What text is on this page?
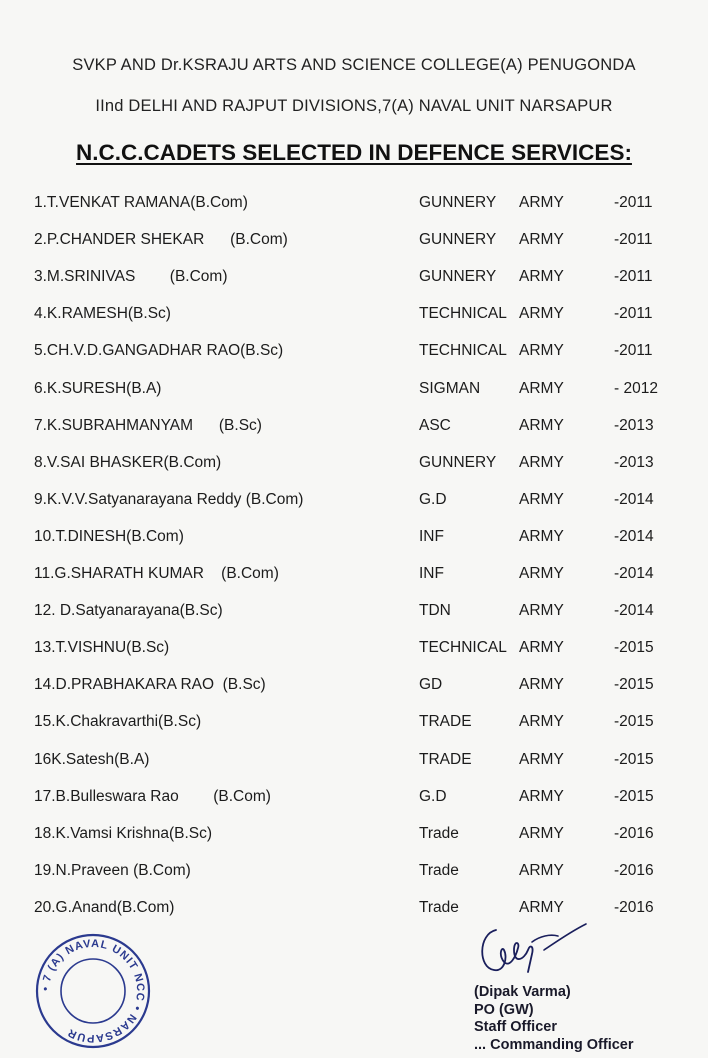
SVKP AND Dr.KSRAJU ARTS AND SCIENCE COLLEGE(A) PENUGONDA
IInd DELHI AND RAJPUT DIVISIONS,7(A) NAVAL UNIT NARSAPUR
N.C.C.CADETS SELECTED IN DEFENCE SERVICES:
1.T.VENKAT RAMANA(B.Com)	GUNNERY ARMY	-2011
2.P.CHANDER SHEKAR      (B.Com)	GUNNERY ARMY	-2011
3.M.SRINIVAS        (B.Com)	GUNNERY ARMY	-2011
4.K.RAMESH(B.Sc)	TECHNICAL ARMY	-2011
5.CH.V.D.GANGADHAR RAO(B.Sc)	TECHNICAL ARMY	-2011
6.K.SURESH(B.A)	SIGMAN	ARMY	- 2012
7.K.SUBRAHMANYAM      (B.Sc)	ASC	ARMY	-2013
8.V.SAI BHASKER(B.Com)	GUNNERY ARMY	-2013
9.K.V.V.Satyanarayana Reddy (B.Com)	G.D	ARMY	-2014
10.T.DINESH(B.Com)	INF	ARMY	-2014
11.G.SHARATH KUMAR    (B.Com)	INF	ARMY	-2014
12. D.Satyanarayana(B.Sc)	TDN	ARMY	-2014
13.T.VISHNU(B.Sc)	TECHNICAL ARMY	-2015
14.D.PRABHAKARA RAO  (B.Sc)	GD	ARMY	-2015
15.K.Chakravarthi(B.Sc)	TRADE	ARMY	-2015
16K.Satesh(B.A)	TRADE	ARMY	-2015
17.B.Bulleswara Rao        (B.Com)	G.D	ARMY	-2015
18.K.Vamsi Krishna(B.Sc)	Trade	ARMY	-2016
19.N.Praveen (B.Com)	Trade	ARMY	-2016
20.G.Anand(B.Com)	Trade	ARMY	-2016
• 7 (A) NAVAL UNIT NCC • NARSAPUR
(Dipak Varma)
PO (GW)
Staff Officer
... Commanding Officer
